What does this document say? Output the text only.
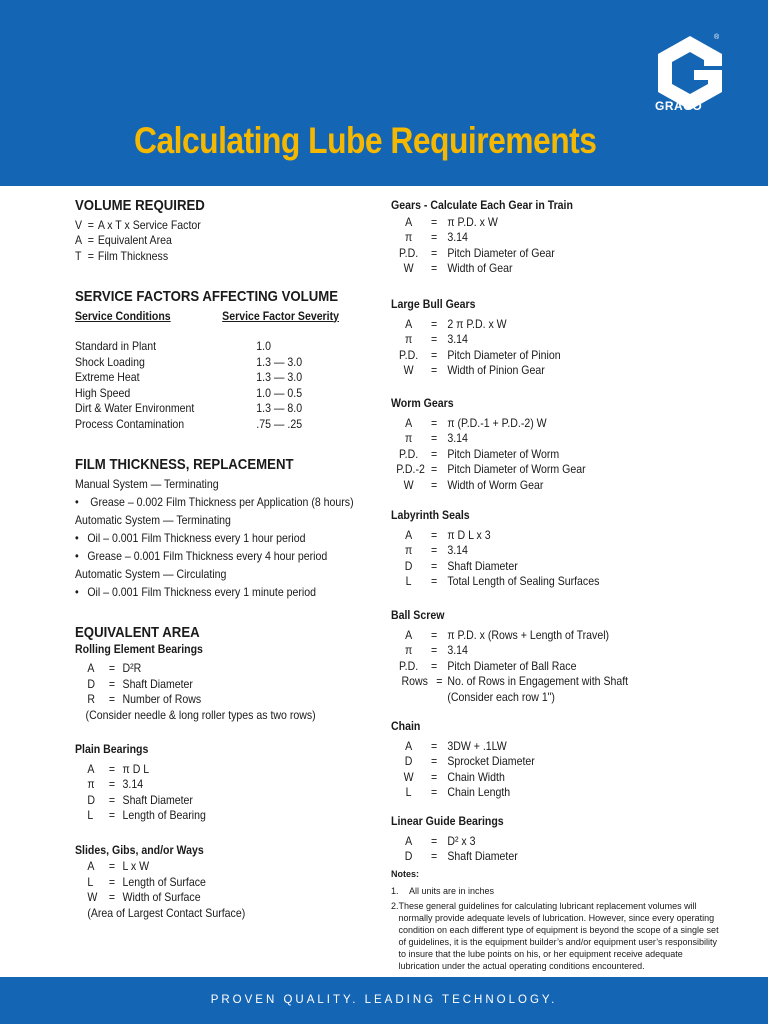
®
GRACO
Calculating Lube Requirements
VOLUME REQUIRED
V = A x T x Service Factor
A = Equivalent Area
T = Film Thickness
SERVICE FACTORS AFFECTING VOLUME
Service Conditions	Service Factor Severity
Standard in Plant	1.0
Shock Loading	1.3 — 3.0
Extreme Heat	1.3 — 3.0
High Speed	1.0 — 0.5
Dirt & Water Environment	1.3 — 8.0
Process Contamination	.75 — .25
FILM THICKNESS, REPLACEMENT
Manual System — Terminating
• Grease – 0.002 Film Thickness per Application (8 hours)
Automatic System — Terminating
• Oil – 0.001 Film Thickness every 1 hour period
• Grease – 0.001 Film Thickness every 4 hour period
Automatic System — Circulating
• Oil – 0.001 Film Thickness every 1 minute period
EQUIVALENT AREA
Rolling Element Bearings
A	= D²R
D	= Shaft Diameter
R	= Number of Rows
(Consider needle & long roller types as two rows)
Plain Bearings
A	= π D L
π	= 3.14
D	= Shaft Diameter
L	= Length of Bearing
Slides, Gibs, and/or Ways
A	= L x W
L	= Length of Surface
W = Width of Surface
(Area of Largest Contact Surface)
Gears - Calculate Each Gear in Train
A	= π P.D. x W
π	= 3.14
P.D.	= Pitch Diameter of Gear
W	= Width of Gear
Large Bull Gears
A	= 2 π P.D. x W
π	= 3.14
P.D.	= Pitch Diameter of Pinion
W	= Width of Pinion Gear
Worm Gears
A	= π (P.D.-1 + P.D.-2) W
π	= 3.14
P.D.	= Pitch Diameter of Worm
P.D.-2 = Pitch Diameter of Worm Gear
W	= Width of Worm Gear
Labyrinth Seals
A	= π D L x 3
π	= 3.14
D	= Shaft Diameter
L	= Total Length of Sealing Surfaces
Ball Screw
A	= π P.D. x (Rows + Length of Travel)
π	= 3.14
P.D.	= Pitch Diameter of Ball Race
Rows = No. of Rows in Engagement with Shaft
(Consider each row 1")
Chain
A	= 3DW + .1LW
D	= Sprocket Diameter
W	= Chain Width
L	= Chain Length
Linear Guide Bearings
A	= D² x 3
D	= Shaft Diameter
Notes:
1.	All units are in inches
2. These general guidelines for calculating lubricant replacement volumes will normally provide adequate levels of lubrication. However, since every operating condition on each different type of equipment is beyond the scope of a single set of guidelines, it is the equipment builder’s and/or equipment user’s responsibility to insure that the lube points on his, or her equipment receive adequate lubrication under the actual operating conditions encountered.
PROVEN QUALITY. LEADING TECHNOLOGY.
